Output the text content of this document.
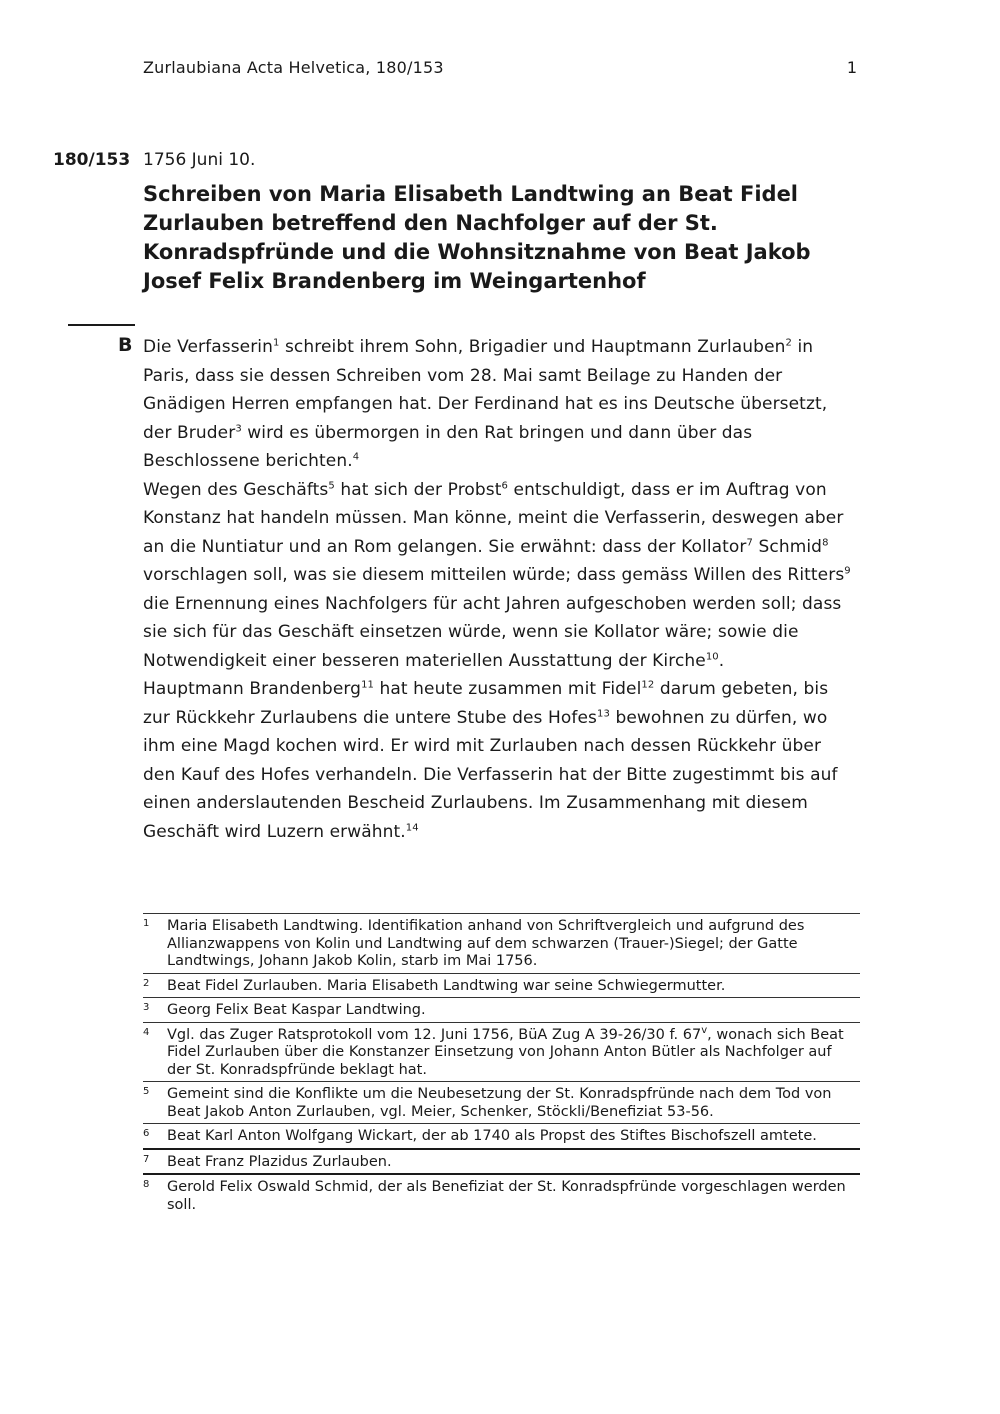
Zurlaubiana Acta Helvetica, 180/153	1
180/153 1756 Juni 10.
Schreiben von Maria Elisabeth Landtwing an Beat Fidel Zurlauben betreffend den Nachfolger auf der St. Konradspfründe und die Wohnsitznahme von Beat Jakob Josef Felix Brandenberg im Weingartenhof
B Die Verfasserin$^1$ schreibt ihrem Sohn, Brigadier und Hauptmann Zurlauben$^2$ in Paris, dass sie dessen Schreiben vom 28. Mai samt Beilage zu Handen der Gnädigen Herren empfangen hat. Der Ferdinand hat es ins Deutsche übersetzt, der Bruder$^3$ wird es übermorgen in den Rat bringen und dann über das Beschlossene berichten.$^4$

Wegen des Geschäfts$^5$ hat sich der Probst$^6$ entschuldigt, dass er im Auftrag von Konstanz hat handeln müssen. Man könne, meint die Verfasserin, deswegen aber an die Nuntiatur und an Rom gelangen. Sie erwähnt: dass der Kollator$^7$ Schmid$^8$ vorschlagen soll, was sie diesem mitteilen würde; dass gemäss Willen des Ritters$^9$ die Ernennung eines Nachfolgers für acht Jahren aufgeschoben werden soll; dass sie sich für das Geschäft einsetzen würde, wenn sie Kollator wäre; sowie die Notwendigkeit einer besseren materiellen Ausstattung der Kirche$^{10}$.

Hauptmann Brandenberg$^{11}$ hat heute zusammen mit Fidel$^{12}$ darum gebeten, bis zur Rückkehr Zurlaubens die untere Stube des Hofes$^{13}$ bewohnen zu dürfen, wo ihm eine Magd kochen wird. Er wird mit Zurlauben nach dessen Rückkehr über den Kauf des Hofes verhandeln. Die Verfasserin hat der Bitte zugestimmt bis auf einen anderslautenden Bescheid Zurlaubens. Im Zusammenhang mit diesem Geschäft wird Luzern erwähnt.$^{14}$

1	Maria Elisabeth Landtwing. Identifikation anhand von Schriftvergleich und aufgrund des Allianzwappens von Kolin und Landtwing auf dem schwarzen (Trauer-)Siegel; der Gatte Landtwings, Johann Jakob Kolin, starb im Mai 1756.
2	Beat Fidel Zurlauben. Maria Elisabeth Landtwing war seine Schwiegermutter.
3	Georg Felix Beat Kaspar Landtwing.
4	Vgl. das Zuger Ratsprotokoll vom 12. Juni 1756, BüA Zug A 39-26/30 f. 67$^v$, wonach sich Beat Fidel Zurlauben über die Konstanzer Einsetzung von Johann Anton Bütler als Nachfolger auf der St. Konradspfründe beklagt hat.
5	Gemeint sind die Konflikte um die Neubesetzung der St. Konradspfründe nach dem Tod von Beat Jakob Anton Zurlauben, vgl. Meier, Schenker, Stöckli/Benefiziat 53-56.
6	Beat Karl Anton Wolfgang Wickart, der ab 1740 als Propst des Stiftes Bischofszell amtete.
7	Beat Franz Plazidus Zurlauben.
8	Gerold Felix Oswald Schmid, der als Benefiziat der St. Konradspfründe vorgeschlagen werden soll.
